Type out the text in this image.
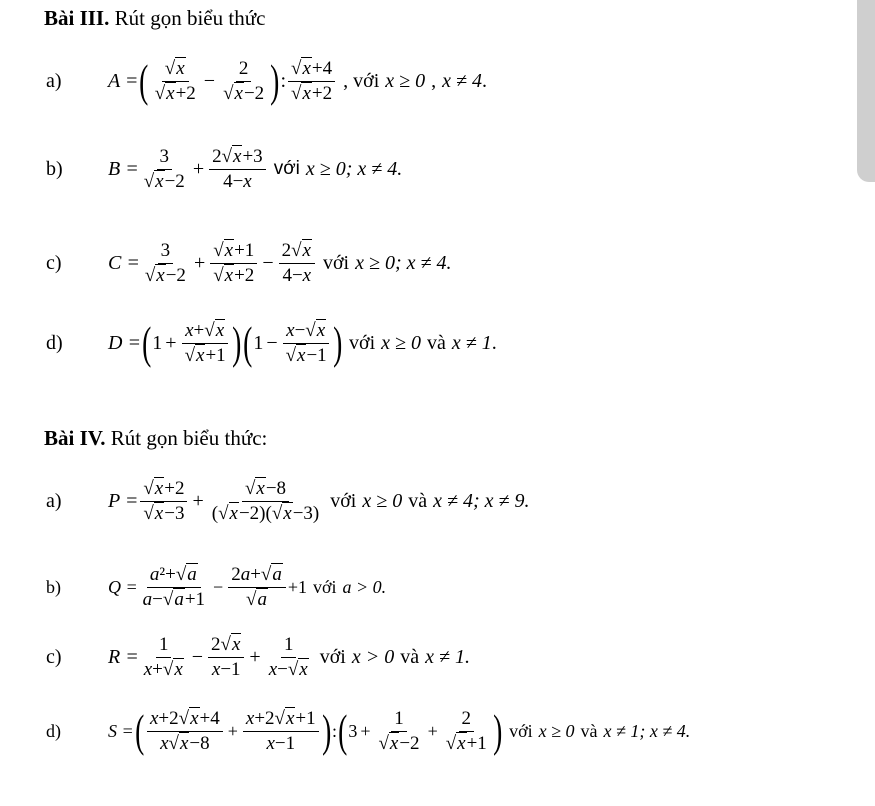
Bài III. Rút gọn biểu thức
a)	A = ( $\frac{√x}{√x+2} - \frac{2}{√x-2}$ ) : $\frac{√x+4}{√x+2}$ , với x ≥ 0 , x ≠ 4 .
b)	$B = \frac{3}{√x-2} + \frac{2√x+3}{4-x}$ với x ≥ 0; x ≠ 4.
c)	$C = \frac{3}{√x-2} + \frac{√x+1}{√x+2} - \frac{2√x}{4-x}$ với x ≥ 0; x ≠ 4.
d)	D = ( $1 + \frac{x+√x}{√x+1}$ ) ( $1 - \frac{x-√x}{√x-1}$ ) với x ≥ 0 và x ≠ 1 .
Bài IV. Rút gọn biểu thức:
a)	$P = \frac{√x+2}{√x-3} + \frac{√x-8}{(√x-2)(√x-3)}$ với x ≥ 0 và x ≠ 4; x ≠ 9.
b)	$Q = \frac{\text{a²+√a}}{a-√a+1} - \frac{2a+√a}{√a} +1$ với a > 0.
c)	$R = \frac{1}{x+√x} - \frac{2√x}{x-1} + \frac{1}{x-√x}$ với x > 0 và x ≠ 1.
d)	S = ( $\frac{x+2√x+4}{x√x-8} + \frac{x+2√x+1}{x-1}$ ) : ( $3 + \frac{1}{√x-2} + \frac{2}{√x+1}$ ) với x ≥ 0 và x ≠ 1; x ≠ 4.
